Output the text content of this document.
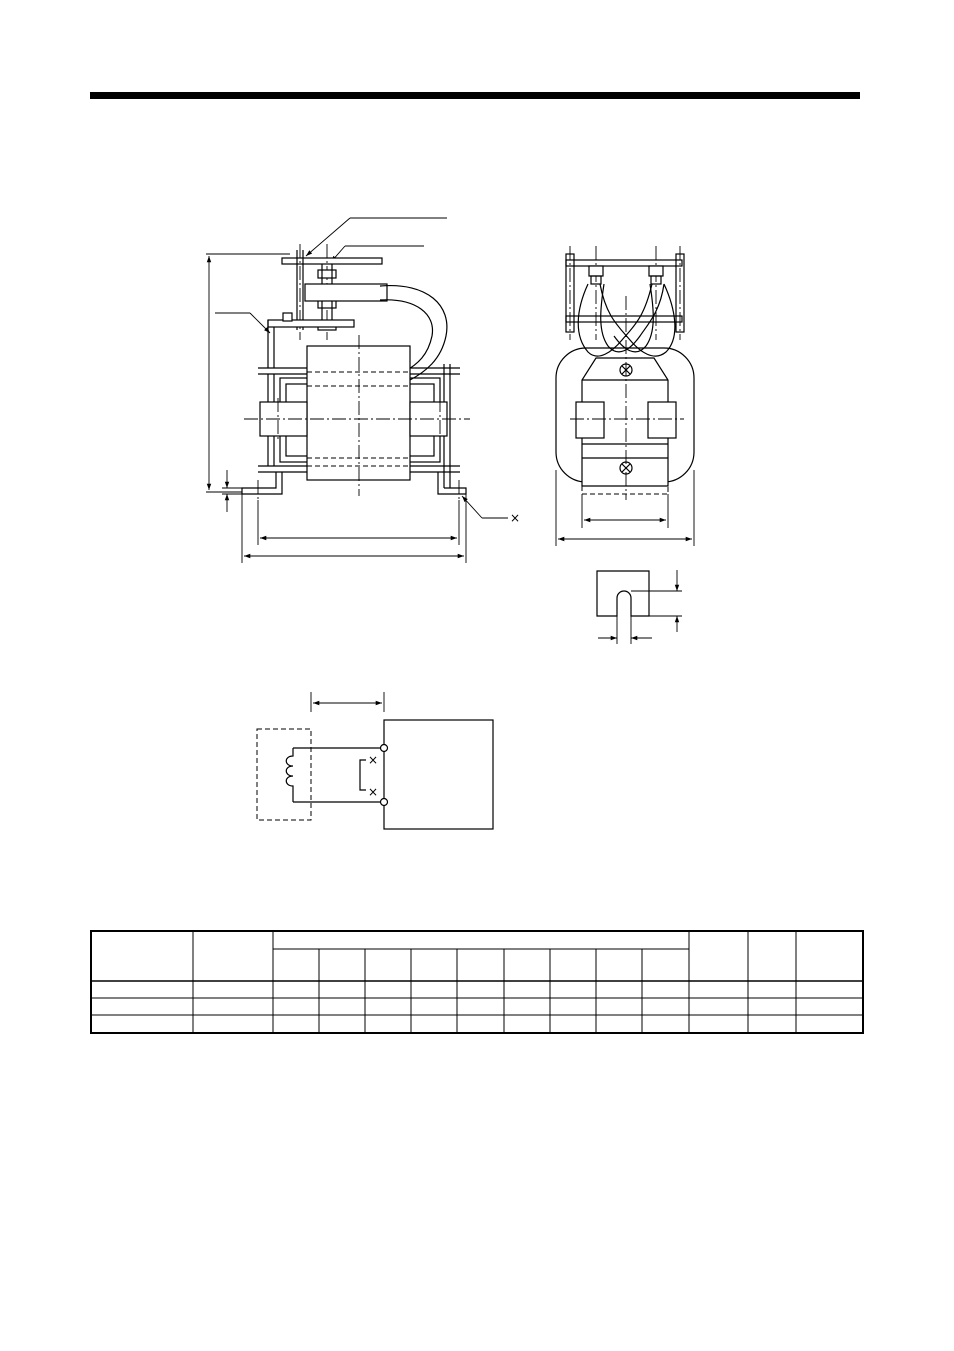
×
×
×
